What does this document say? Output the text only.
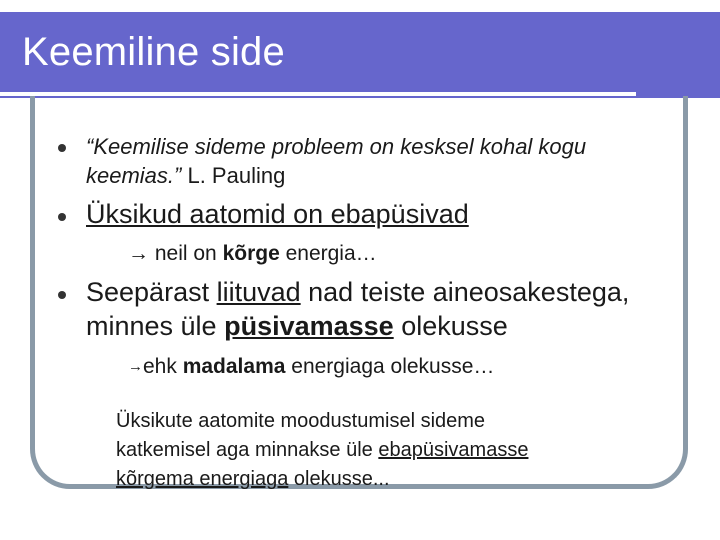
Keemiline side
“Keemilise sideme probleem on kesksel kohal kogu
keemias.” L. Pauling
Üksikud aatomid on ebapüsivad
→ neil on kõrge energia…
Seepärast liituvad nad teiste aineosakestega,
minnes üle püsivamasse olekusse
→ehk madalama energiaga olekusse…
Üksikute aatomite moodustumisel sideme
katkemisel aga minnakse üle ebapüsivamasse
kõrgema energiaga olekusse...
